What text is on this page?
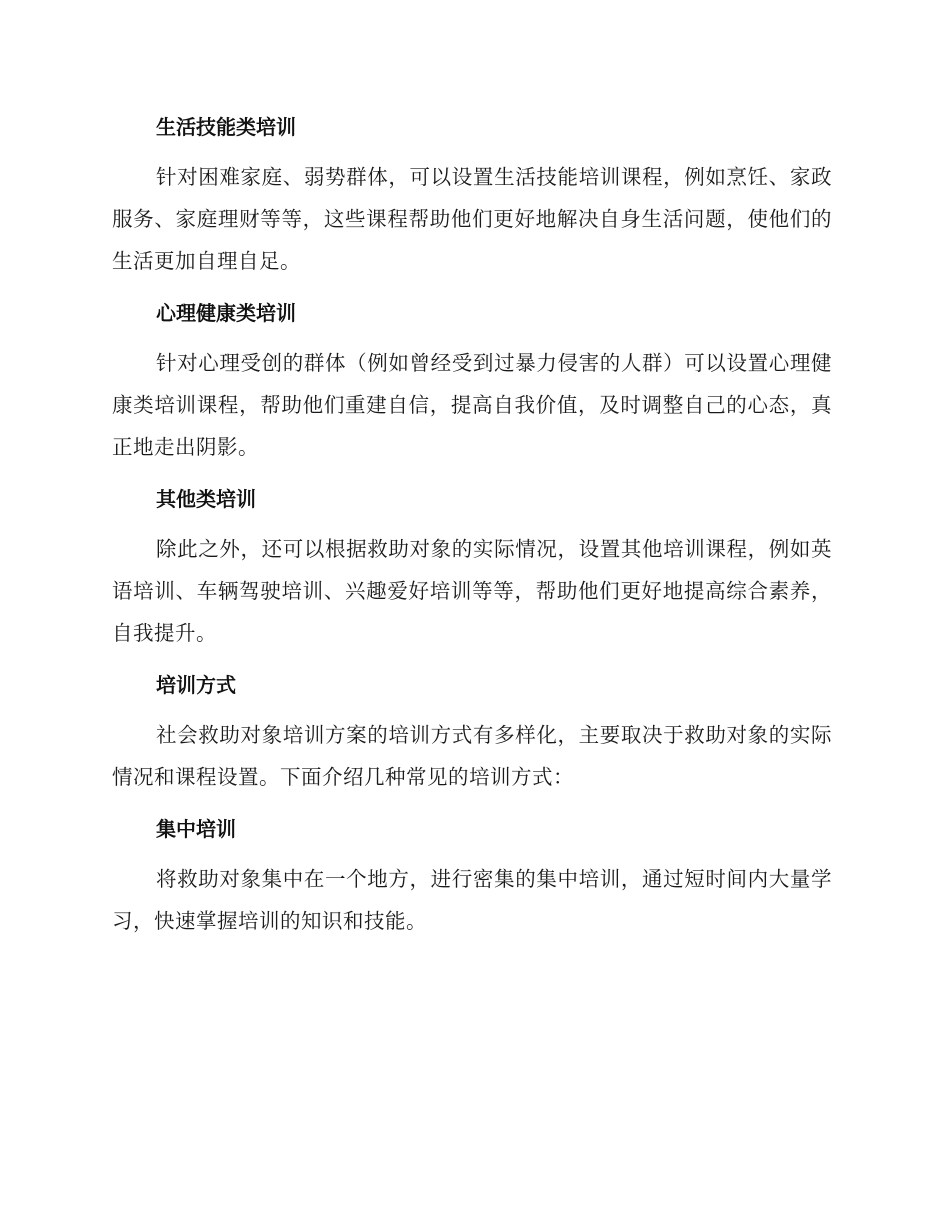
生活技能类培训

针对困难家庭、弱势群体，可以设置生活技能培训课程，例如烹饪、家政服务、家庭理财等等，这些课程帮助他们更好地解决自身生活问题，使他们的生活更加自理自足。

心理健康类培训

针对心理受创的群体（例如曾经受到过暴力侵害的人群）可以设置心理健康类培训课程，帮助他们重建自信，提高自我价值，及时调整自己的心态，真正地走出阴影。

其他类培训

除此之外，还可以根据救助对象的实际情况，设置其他培训课程，例如英语培训、车辆驾驶培训、兴趣爱好培训等等，帮助他们更好地提高综合素养，自我提升。

培训方式

社会救助对象培训方案的培训方式有多样化，主要取决于救助对象的实际情况和课程设置。下面介绍几种常见的培训方式：

集中培训

将救助对象集中在一个地方，进行密集的集中培训，通过短时间内大量学习，快速掌握培训的知识和技能。
